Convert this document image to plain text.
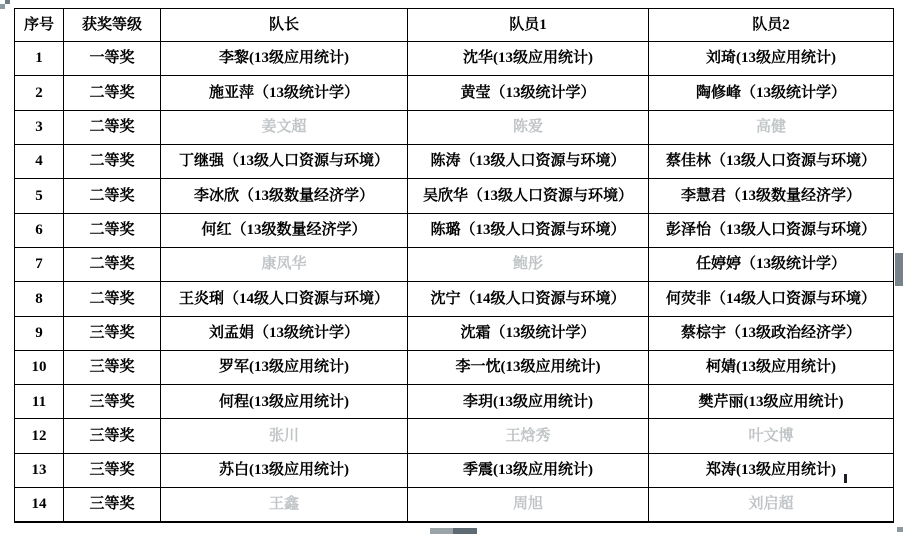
序号	获奖等级	队长	队员1	队员2
1	一等奖	李黎(13级应用统计)	沈华(13级应用统计)	刘琦(13级应用统计)
2	二等奖	施亚萍（13级统计学）	黄莹（13级统计学）	陶修峰（13级统计学）
3	二等奖	姜文超	陈爱	高健
4	二等奖	丁继强（13级人口资源与环境）	陈涛（13级人口资源与环境）	蔡佳林（13级人口资源与环境）
5	二等奖	李冰欣（13级数量经济学）	吴欣华（13级人口资源与环境）	李慧君（13级数量经济学）
6	二等奖	何红（13级数量经济学）	陈璐（13级人口资源与环境）	彭泽怡（13级人口资源与环境）
7	二等奖	康凤华	鲍彤	任婷婷（13级统计学）
8	二等奖	王炎琍（14级人口资源与环境）	沈宁（14级人口资源与环境）	何荧非（14级人口资源与环境）
9	三等奖	刘孟娟（13级统计学）	沈霜（13级统计学）	蔡棕宇（13级政治经济学）
10	三等奖	罗军(13级应用统计)	李一忱(13级应用统计)	柯婧(13级应用统计)
11	三等奖	何程(13级应用统计)	李玥(13级应用统计)	樊芹丽(13级应用统计)
12	三等奖	张川	王焓秀	叶文博
13	三等奖	苏白(13级应用统计)	季震(13级应用统计)	郑涛(13级应用统计)
14	三等奖	王鑫	周旭	刘启超
